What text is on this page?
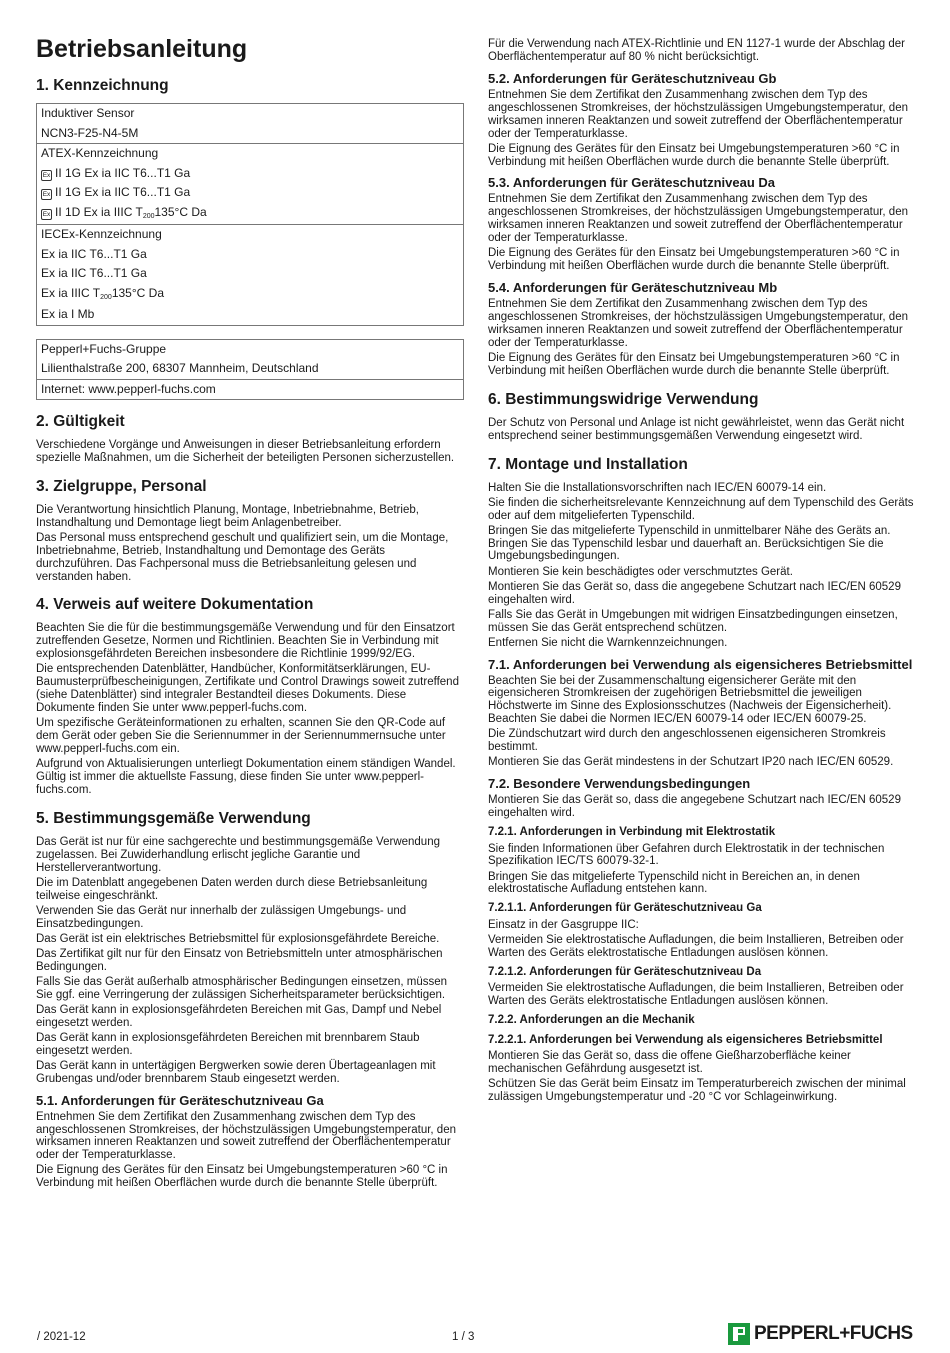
Betriebsanleitung
1. Kennzeichnung
Induktiver Sensor
NCN3-F25-N4-5M
ATEX-Kennzeichnung
Ex II 1G Ex ia IIC T6...T1 Ga
Ex II 1G Ex ia IIC T6...T1 Ga
Ex II 1D Ex ia IIIC T200135°C Da
IECEx-Kennzeichnung
Ex ia IIC T6...T1 Ga
Ex ia IIC T6...T1 Ga
Ex ia IIIC T200135°C Da
Ex ia I Mb
Pepperl+Fuchs-Gruppe
Lilienthalstraße 200, 68307 Mannheim, Deutschland
Internet: www.pepperl-fuchs.com
2. Gültigkeit

Verschiedene Vorgänge und Anweisungen in dieser Betriebsanleitung erfordern spezielle Maßnahmen, um die Sicherheit der beteiligten Personen sicherzustellen.

3. Zielgruppe, Personal

Die Verantwortung hinsichtlich Planung, Montage, Inbetriebnahme, Betrieb, Instandhaltung und Demontage liegt beim Anlagenbetreiber.

Das Personal muss entsprechend geschult und qualifiziert sein, um die Montage, Inbetriebnahme, Betrieb, Instandhaltung und Demontage des Geräts durchzuführen. Das Fachpersonal muss die Betriebsanleitung gelesen und verstanden haben.

4. Verweis auf weitere Dokumentation

Beachten Sie die für die bestimmungsgemäße Verwendung und für den Einsatzort zutreffenden Gesetze, Normen und Richtlinien. Beachten Sie in Verbindung mit explosionsgefährdeten Bereichen insbesondere die Richtlinie 1999/92/EG.

Die entsprechenden Datenblätter, Handbücher, Konformitätserklärungen, EU-Baumusterprüfbescheinigungen, Zertifikate und Control Drawings soweit zutreffend (siehe Datenblätter) sind integraler Bestandteil dieses Dokuments. Diese Dokumente finden Sie unter www.pepperl-fuchs.com.

Um spezifische Geräteinformationen zu erhalten, scannen Sie den QR-Code auf dem Gerät oder geben Sie die Seriennummer in der Seriennummernsuche unter www.pepperl-fuchs.com ein.

Aufgrund von Aktualisierungen unterliegt Dokumentation einem ständigen Wandel. Gültig ist immer die aktuellste Fassung, diese finden Sie unter www.pepperl-fuchs.com.

5. Bestimmungsgemäße Verwendung

Das Gerät ist nur für eine sachgerechte und bestimmungsgemäße Verwendung zugelassen. Bei Zuwiderhandlung erlischt jegliche Garantie und Herstellerverantwortung.

Die im Datenblatt angegebenen Daten werden durch diese Betriebsanleitung teilweise eingeschränkt.

Verwenden Sie das Gerät nur innerhalb der zulässigen Umgebungs- und Einsatzbedingungen.

Das Gerät ist ein elektrisches Betriebsmittel für explosionsgefährdete Bereiche.

Das Zertifikat gilt nur für den Einsatz von Betriebsmitteln unter atmosphärischen Bedingungen.

Falls Sie das Gerät außerhalb atmosphärischer Bedingungen einsetzen, müssen Sie ggf. eine Verringerung der zulässigen Sicherheitsparameter berücksichtigen.

Das Gerät kann in explosionsgefährdeten Bereichen mit Gas, Dampf und Nebel eingesetzt werden.

Das Gerät kann in explosionsgefährdeten Bereichen mit brennbarem Staub eingesetzt werden.

Das Gerät kann in untertägigen Bergwerken sowie deren Übertageanlagen mit Grubengas und/oder brennbarem Staub eingesetzt werden.

5.1. Anforderungen für Geräteschutzniveau Ga

Entnehmen Sie dem Zertifikat den Zusammenhang zwischen dem Typ des angeschlossenen Stromkreises, der höchstzulässigen Umgebungstemperatur, den wirksamen inneren Reaktanzen und soweit zutreffend der Oberflächentemperatur oder der Temperaturklasse.

Die Eignung des Gerätes für den Einsatz bei Umgebungstemperaturen >60 °C in Verbindung mit heißen Oberflächen wurde durch die benannte Stelle überprüft.

Für die Verwendung nach ATEX-Richtlinie und EN 1127-1 wurde der Abschlag der Oberflächentemperatur auf 80 % nicht berücksichtigt.

5.2. Anforderungen für Geräteschutzniveau Gb

Entnehmen Sie dem Zertifikat den Zusammenhang zwischen dem Typ des angeschlossenen Stromkreises, der höchstzulässigen Umgebungstemperatur, den wirksamen inneren Reaktanzen und soweit zutreffend der Oberflächentemperatur oder der Temperaturklasse.

Die Eignung des Gerätes für den Einsatz bei Umgebungstemperaturen >60 °C in Verbindung mit heißen Oberflächen wurde durch die benannte Stelle überprüft.

5.3. Anforderungen für Geräteschutzniveau Da

Entnehmen Sie dem Zertifikat den Zusammenhang zwischen dem Typ des angeschlossenen Stromkreises, der höchstzulässigen Umgebungstemperatur, den wirksamen inneren Reaktanzen und soweit zutreffend der Oberflächentemperatur oder der Temperaturklasse.

Die Eignung des Gerätes für den Einsatz bei Umgebungstemperaturen >60 °C in Verbindung mit heißen Oberflächen wurde durch die benannte Stelle überprüft.

5.4. Anforderungen für Geräteschutzniveau Mb

Entnehmen Sie dem Zertifikat den Zusammenhang zwischen dem Typ des angeschlossenen Stromkreises, der höchstzulässigen Umgebungstemperatur, den wirksamen inneren Reaktanzen und soweit zutreffend der Oberflächentemperatur oder der Temperaturklasse.

Die Eignung des Gerätes für den Einsatz bei Umgebungstemperaturen >60 °C in Verbindung mit heißen Oberflächen wurde durch die benannte Stelle überprüft.

6. Bestimmungswidrige Verwendung

Der Schutz von Personal und Anlage ist nicht gewährleistet, wenn das Gerät nicht entsprechend seiner bestimmungsgemäßen Verwendung eingesetzt wird.

7. Montage und Installation

Halten Sie die Installationsvorschriften nach IEC/EN 60079-14 ein.

Sie finden die sicherheitsrelevante Kennzeichnung auf dem Typenschild des Geräts oder auf dem mitgelieferten Typenschild.

Bringen Sie das mitgelieferte Typenschild in unmittelbarer Nähe des Geräts an. Bringen Sie das Typenschild lesbar und dauerhaft an. Berücksichtigen Sie die Umgebungsbedingungen.

Montieren Sie kein beschädigtes oder verschmutztes Gerät.

Montieren Sie das Gerät so, dass die angegebene Schutzart nach IEC/EN 60529 eingehalten wird.

Falls Sie das Gerät in Umgebungen mit widrigen Einsatzbedingungen einsetzen, müssen Sie das Gerät entsprechend schützen.

Entfernen Sie nicht die Warnkennzeichnungen.

7.1. Anforderungen bei Verwendung als eigensicheres Betriebsmittel

Beachten Sie bei der Zusammenschaltung eigensicherer Geräte mit den eigensicheren Stromkreisen der zugehörigen Betriebsmittel die jeweiligen Höchstwerte im Sinne des Explosionsschutzes (Nachweis der Eigensicherheit). Beachten Sie dabei die Normen IEC/EN 60079-14 oder IEC/EN 60079-25.

Die Zündschutzart wird durch den angeschlossenen eigensicheren Stromkreis bestimmt.

Montieren Sie das Gerät mindestens in der Schutzart IP20 nach IEC/EN 60529.

7.2. Besondere Verwendungsbedingungen

Montieren Sie das Gerät so, dass die angegebene Schutzart nach IEC/EN 60529 eingehalten wird.

7.2.1. Anforderungen in Verbindung mit Elektrostatik

Sie finden Informationen über Gefahren durch Elektrostatik in der technischen Spezifikation IEC/TS 60079-32-1.

Bringen Sie das mitgelieferte Typenschild nicht in Bereichen an, in denen elektrostatische Aufladung entstehen kann.

7.2.1.1. Anforderungen für Geräteschutzniveau Ga

Einsatz in der Gasgruppe IIC:

Vermeiden Sie elektrostatische Aufladungen, die beim Installieren, Betreiben oder Warten des Geräts elektrostatische Entladungen auslösen können.

7.2.1.2. Anforderungen für Geräteschutzniveau Da

Vermeiden Sie elektrostatische Aufladungen, die beim Installieren, Betreiben oder Warten des Geräts elektrostatische Entladungen auslösen können.

7.2.2. Anforderungen an die Mechanik
7.2.2.1. Anforderungen bei Verwendung als eigensicheres Betriebsmittel

Montieren Sie das Gerät so, dass die offene Gießharzoberfläche keiner mechanischen Gefährdung ausgesetzt ist.

Schützen Sie das Gerät beim Einsatz im Temperaturbereich zwischen der minimal zulässigen Umgebungstemperatur und -20 °C vor Schlageinwirkung.

/ 2021-12	1 / 3	PEPPERL+FUCHS
